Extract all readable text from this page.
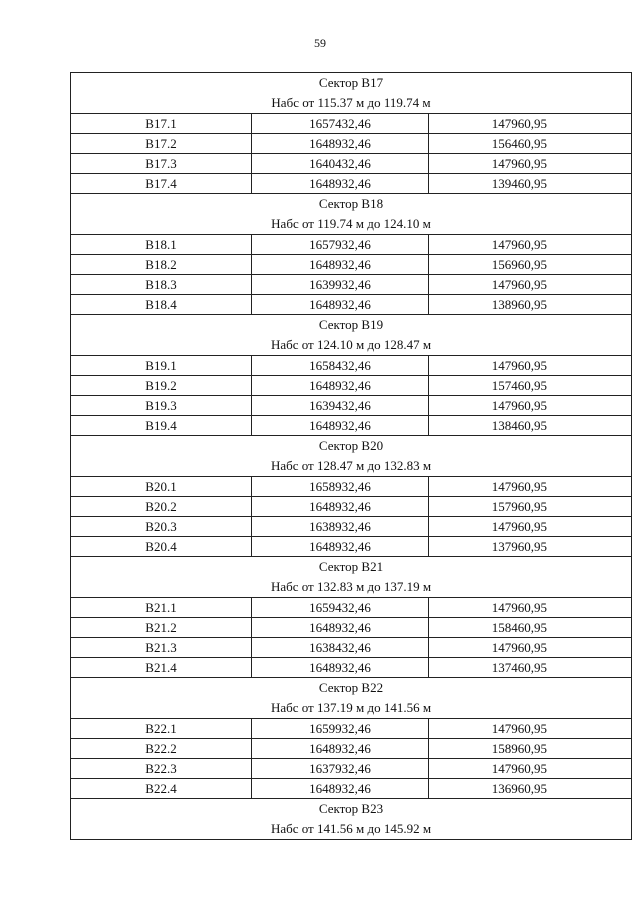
59
Сектор В17
Набс от 115.37 м до 119.74 м
В17.1	1657432,46	147960,95
В17.2	1648932,46	156460,95
В17.3	1640432,46	147960,95
В17.4	1648932,46	139460,95
Сектор В18
Набс от 119.74 м до 124.10 м
В18.1	1657932,46	147960,95
В18.2	1648932,46	156960,95
В18.3	1639932,46	147960,95
В18.4	1648932,46	138960,95
Сектор В19
Набс от 124.10 м до 128.47 м
В19.1	1658432,46	147960,95
В19.2	1648932,46	157460,95
В19.3	1639432,46	147960,95
В19.4	1648932,46	138460,95
Сектор В20
Набс от 128.47 м до 132.83 м
В20.1	1658932,46	147960,95
В20.2	1648932,46	157960,95
В20.3	1638932,46	147960,95
В20.4	1648932,46	137960,95
Сектор В21
Набс от 132.83 м до 137.19 м
В21.1	1659432,46	147960,95
В21.2	1648932,46	158460,95
В21.3	1638432,46	147960,95
В21.4	1648932,46	137460,95
Сектор В22
Набс от 137.19 м до 141.56 м
В22.1	1659932,46	147960,95
В22.2	1648932,46	158960,95
В22.3	1637932,46	147960,95
В22.4	1648932,46	136960,95
Сектор В23
Набс от 141.56 м до 145.92 м
